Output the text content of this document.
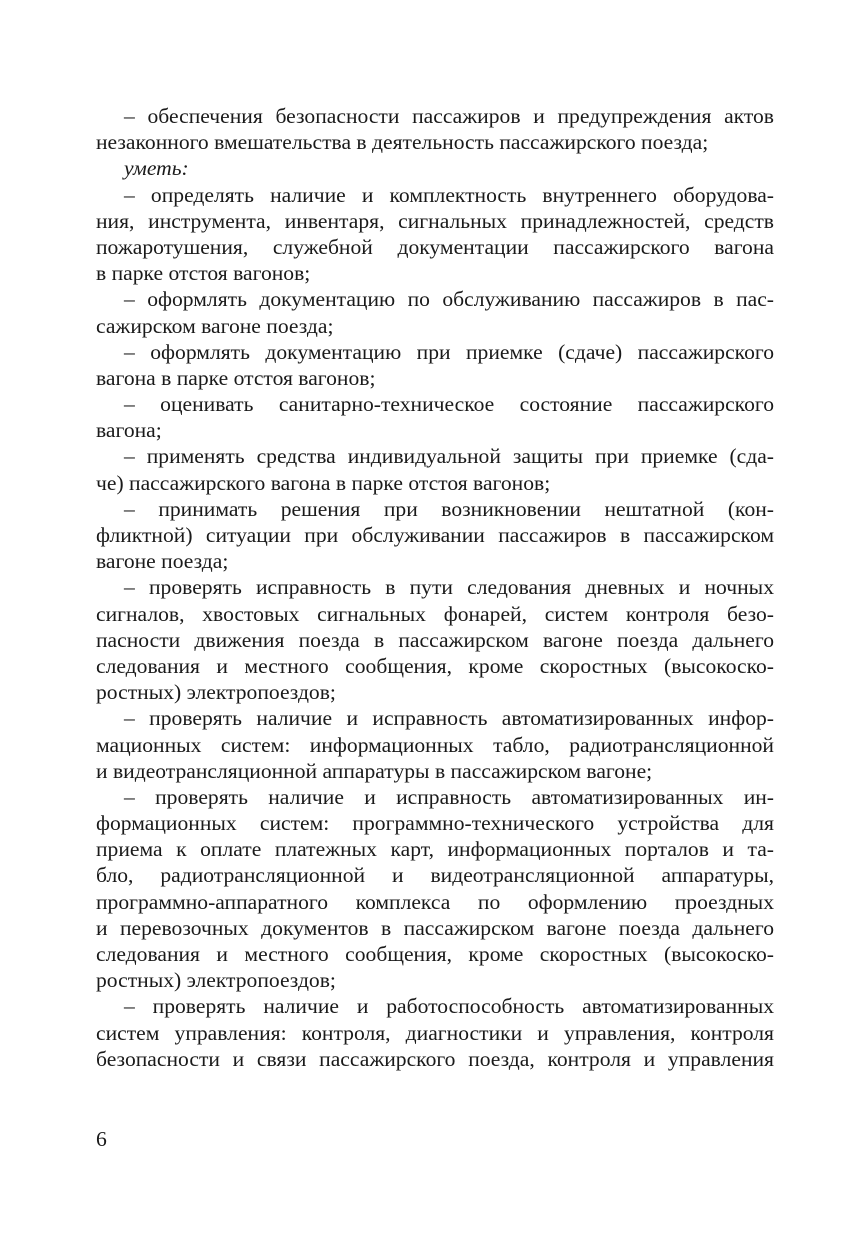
– обеспечения безопасности пассажиров и предупреждения актов
незаконного вмешательства в деятельность пассажирского поезда;
уметь:
– определять наличие и комплектность внутреннего оборудова-
ния, инструмента, инвентаря, сигнальных принадлежностей, средств
пожаротушения, служебной документации пассажирского вагона
в парке отстоя вагонов;
– оформлять документацию по обслуживанию пассажиров в пас-
сажирском вагоне поезда;
– оформлять документацию при приемке (сдаче) пассажирского
вагона в парке отстоя вагонов;
– оценивать санитарно-техническое состояние пассажирского
вагона;
– применять средства индивидуальной защиты при приемке (сда-
че) пассажирского вагона в парке отстоя вагонов;
– принимать решения при возникновении нештатной (кон-
фликтной) ситуации при обслуживании пассажиров в пассажирском
вагоне поезда;
– проверять исправность в пути следования дневных и ночных
сигналов, хвостовых сигнальных фонарей, систем контроля безо-
пасности движения поезда в пассажирском вагоне поезда дальнего
следования и местного сообщения, кроме скоростных (высокоско-
ростных) электропоездов;
– проверять наличие и исправность автоматизированных инфор-
мационных систем: информационных табло, радиотрансляционной
и видеотрансляционной аппаратуры в пассажирском вагоне;
– проверять наличие и исправность автоматизированных ин-
формационных систем: программно-технического устройства для
приема к оплате платежных карт, информационных порталов и та-
бло, радиотрансляционной и видеотрансляционной аппаратуры,
программно-аппаратного комплекса по оформлению проездных
и перевозочных документов в пассажирском вагоне поезда дальнего
следования и местного сообщения, кроме скоростных (высокоско-
ростных) электропоездов;
– проверять наличие и работоспособность автоматизированных
систем управления: контроля, диагностики и управления, контроля
безопасности и связи пассажирского поезда, контроля и управления
6
